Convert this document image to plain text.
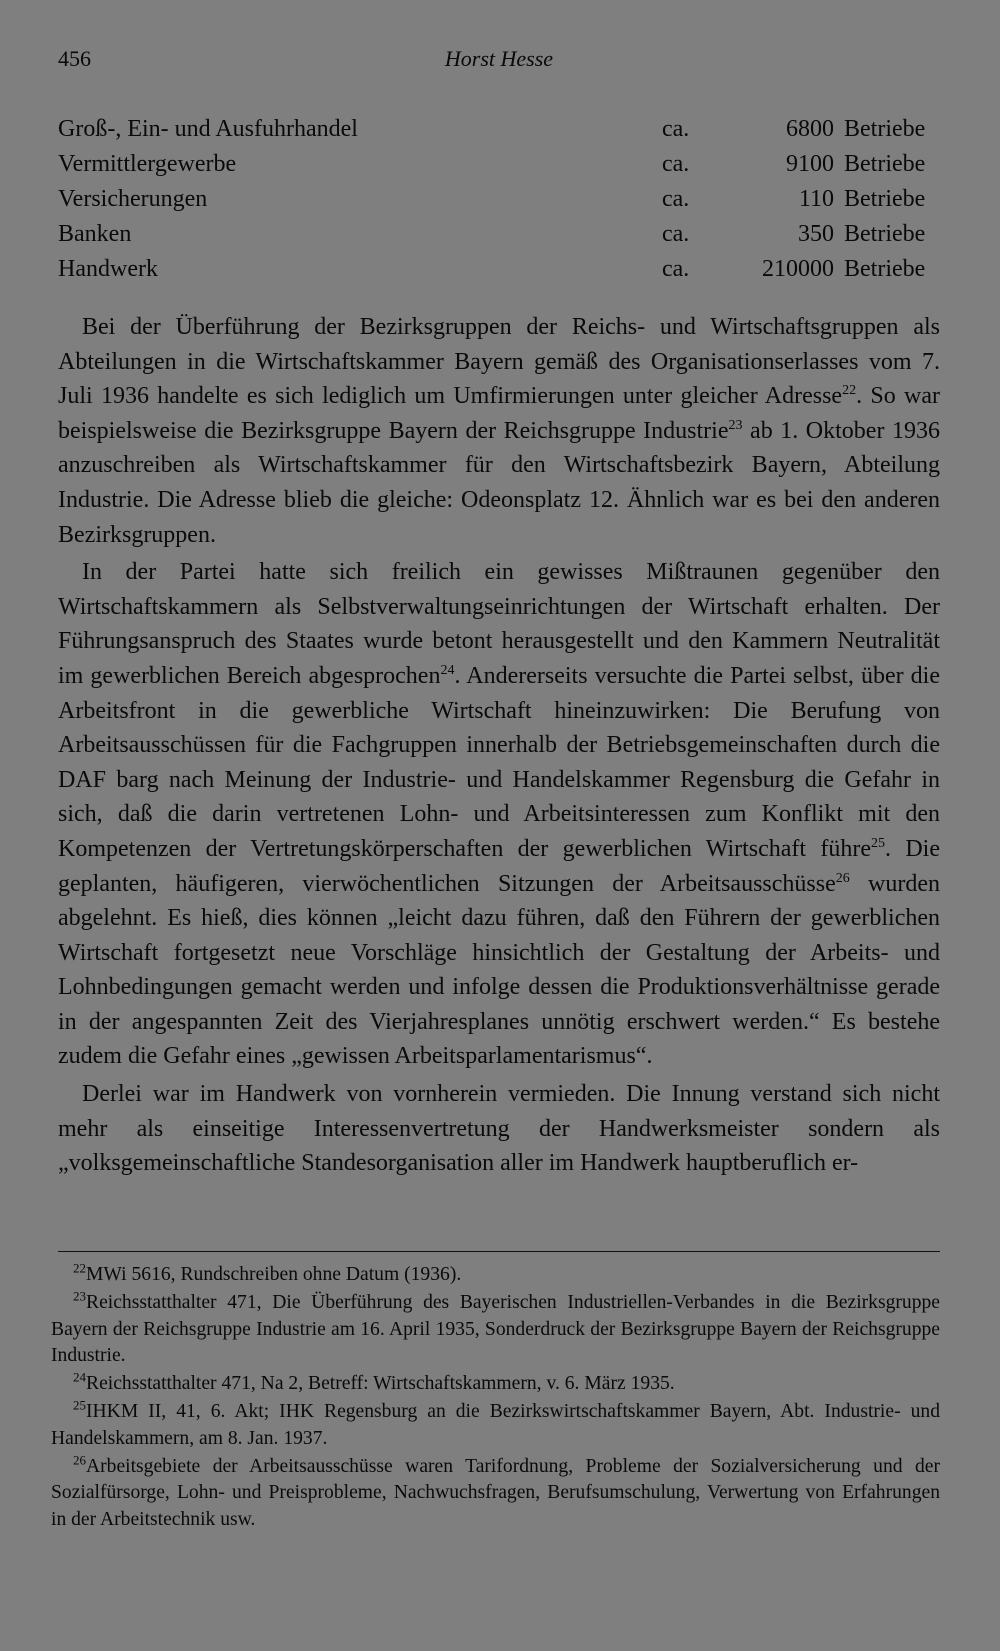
456	Horst Hesse
Groß-, Ein- und Ausfuhrhandel	ca.	6800 Betriebe
Vermittlergewerbe	ca.	9100 Betriebe
Versicherungen	ca.	110 Betriebe
Banken	ca.	350 Betriebe
Handwerk	ca.	210000 Betriebe

Bei der Überführung der Bezirksgruppen der Reichs- und Wirtschaftsgruppen als Abteilungen in die Wirtschaftskammer Bayern gemäß des Organisationserlasses vom 7. Juli 1936 handelte es sich lediglich um Umfirmierungen unter gleicher Adresse$^{22}$. So war beispielsweise die Bezirksgruppe Bayern der Reichsgruppe Industrie$^{23}$ ab 1. Oktober 1936 anzuschreiben als Wirtschaftskammer für den Wirtschaftsbezirk Bayern, Abteilung Industrie. Die Adresse blieb die gleiche: Odeonsplatz 12. Ähnlich war es bei den anderen Bezirksgruppen.

In der Partei hatte sich freilich ein gewisses Mißtraunen gegenüber den Wirtschaftskammern als Selbstverwaltungseinrichtungen der Wirtschaft erhalten. Der Führungsanspruch des Staates wurde betont herausgestellt und den Kammern Neutralität im gewerblichen Bereich abgesprochen$^{24}$. Andererseits versuchte die Partei selbst, über die Arbeitsfront in die gewerbliche Wirtschaft hineinzuwirken: Die Berufung von Arbeitsausschüssen für die Fachgruppen innerhalb der Betriebsgemeinschaften durch die DAF barg nach Meinung der Industrie- und Handelskammer Regensburg die Gefahr in sich, daß die darin vertretenen Lohn- und Arbeitsinteressen zum Konflikt mit den Kompetenzen der Vertretungskörperschaften der gewerblichen Wirtschaft führe$^{25}$. Die geplanten, häufigeren, vierwöchentlichen Sitzungen der Arbeitsausschüsse$^{26}$ wurden abgelehnt. Es hieß, dies können „leicht dazu führen, daß den Führern der gewerblichen Wirtschaft fortgesetzt neue Vorschläge hinsichtlich der Gestaltung der Arbeits- und Lohnbedingungen gemacht werden und infolge dessen die Produktionsverhältnisse gerade in der angespannten Zeit des Vierjahresplanes unnötig erschwert werden.“ Es bestehe zudem die Gefahr eines „gewissen Arbeitsparlamentarismus“.

Derlei war im Handwerk von vornherein vermieden. Die Innung verstand sich nicht mehr als einseitige Interessenvertretung der Handwerksmeister sondern als „volksgemeinschaftliche Standesorganisation aller im Handwerk hauptberuflich er-

$^{22}$MWi 5616, Rundschreiben ohne Datum (1936).

$^{23}$Reichsstatthalter 471, Die Überführung des Bayerischen Industriellen-Verbandes in die Bezirksgruppe Bayern der Reichsgruppe Industrie am 16. April 1935, Sonderdruck der Bezirksgruppe Bayern der Reichsgruppe Industrie.

$^{24}$Reichsstatthalter 471, Na 2, Betreff: Wirtschaftskammern, v. 6. März 1935.

$^{25}$IHKM II, 41, 6. Akt; IHK Regensburg an die Bezirkswirtschaftskammer Bayern, Abt. Industrie- und Handelskammern, am 8. Jan. 1937.

$^{26}$Arbeitsgebiete der Arbeitsausschüsse waren Tarifordnung, Probleme der Sozialversicherung und der Sozialfürsorge, Lohn- und Preisprobleme, Nachwuchsfragen, Berufsumschulung, Verwertung von Erfahrungen in der Arbeitstechnik usw.
